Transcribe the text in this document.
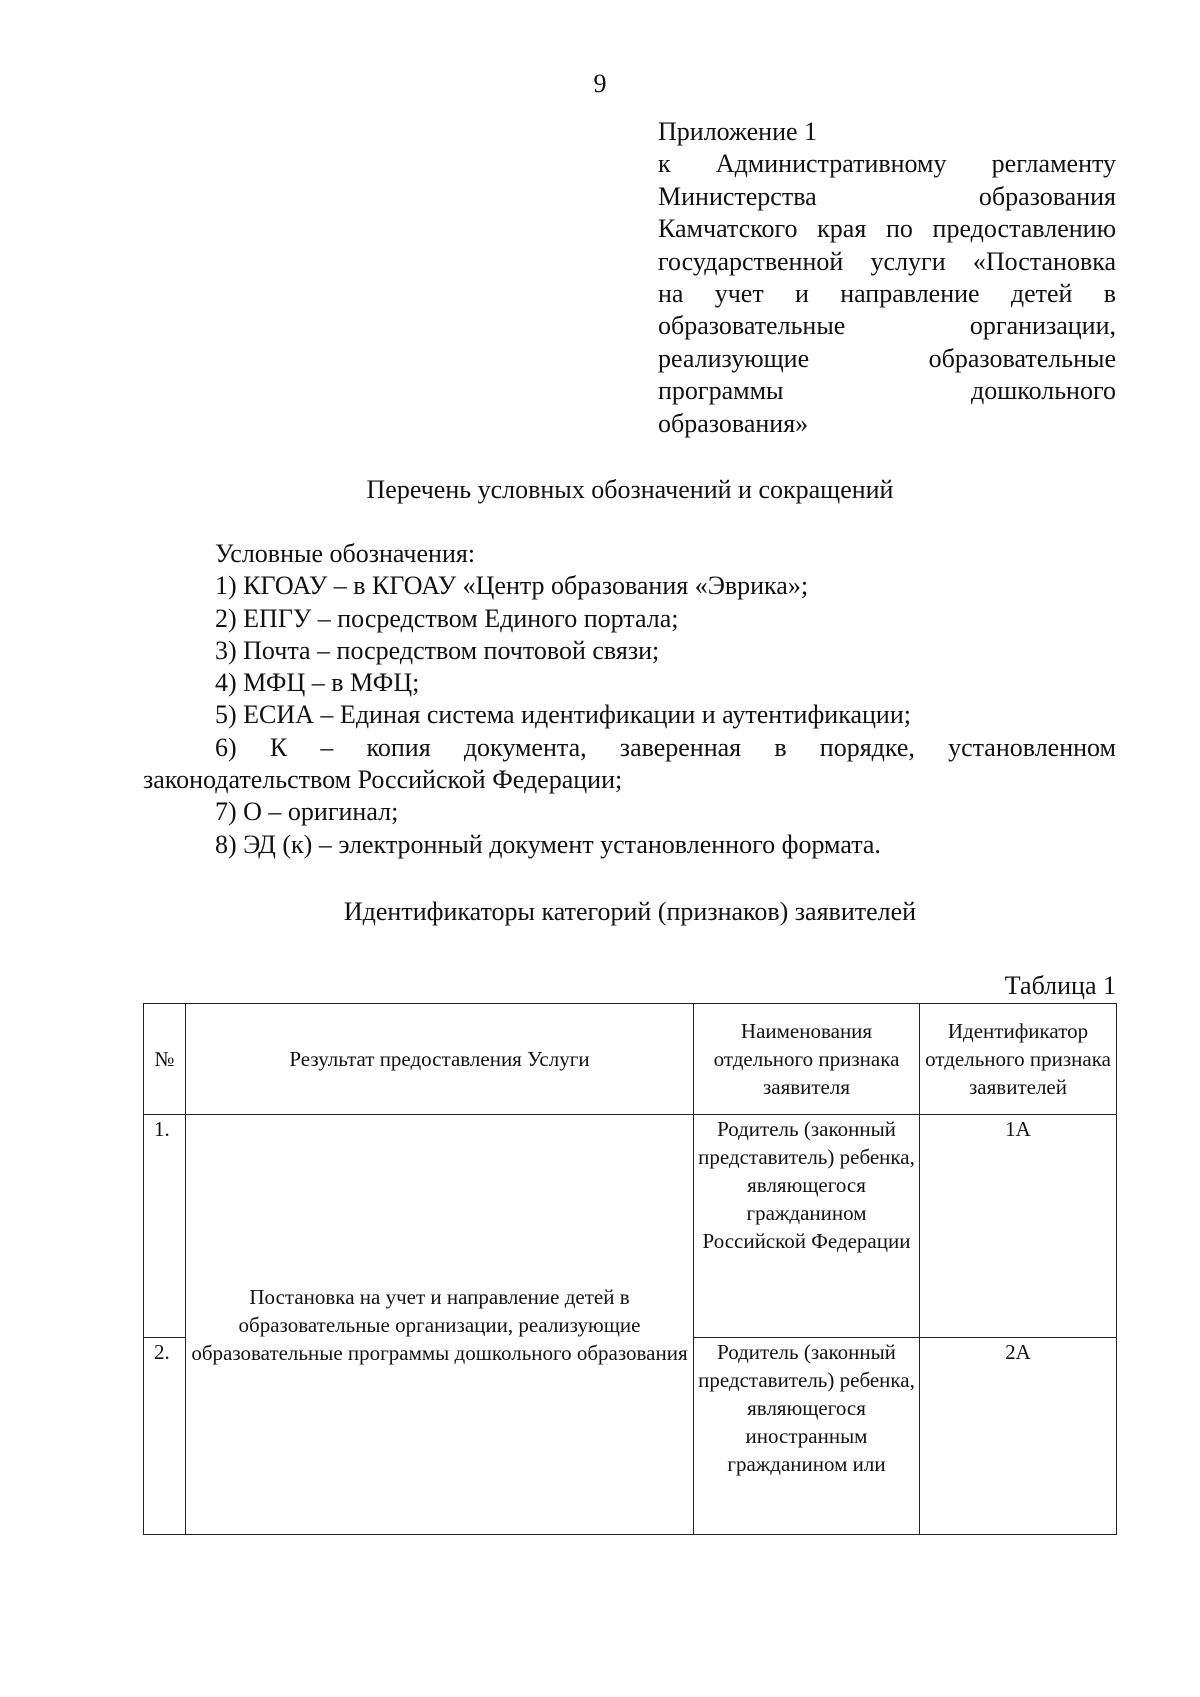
9
Приложение 1
к Административному регламенту
Министерства образования
Камчатского края по предоставлению
государственной услуги «Постановка
на учет и направление детей в
образовательные организации,
реализующие образовательные
программы дошкольного
образования»
Перечень условных обозначений и сокращений
Условные обозначения:
1) КГОАУ – в КГОАУ «Центр образования «Эврика»;
2) ЕПГУ – посредством Единого портала;
3) Почта – посредством почтовой связи;
4) МФЦ – в МФЦ;
5) ЕСИА – Единая система идентификации и аутентификации;
6) К – копия документа, заверенная в порядке, установленном
законодательством Российской Федерации;
7) О – оригинал;
8) ЭД (к) – электронный документ установленного формата.
Идентификаторы категорий (признаков) заявителей
Таблица 1
№	Результат предоставления Услуги	Наименования отдельного признака заявителя	Идентификатор отдельного признака заявителей
1.	Постановка на учет и направление детей в образовательные организации, реализующие образовательные программы дошкольного образования	Родитель (законный представитель) ребенка, являющегося гражданином Российской Федерации	1А
2.		Родитель (законный представитель) ребенка, являющегося иностранным гражданином или	2А
